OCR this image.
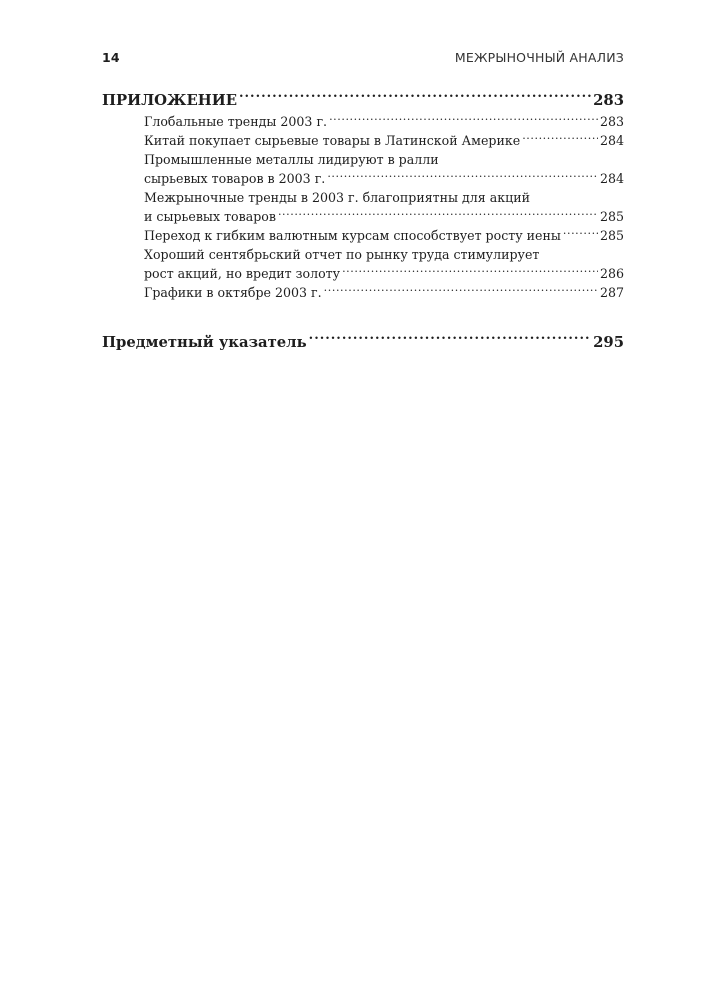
14	МЕЖРЫНОЧНЫЙ АНАЛИЗ
ПРИЛОЖЕНИЕ .....	283
Глобальные тренды 2003 г. .....	283
Китай покупает сырьевые товары в Латинской Америке .....	284
Промышленные металлы лидируют в ралли
сырьевых товаров в 2003 г. .....	284
Межрыночные тренды в 2003 г. благоприятны для акций
и сырьевых товаров .....	285
Переход к гибким валютным курсам способствует росту иены .....	285
Хороший сентябрьский отчет по рынку труда стимулирует
рост акций, но вредит золоту .....	286
Графики в октябре 2003 г. .....	287
Предметный указатель .....	295
